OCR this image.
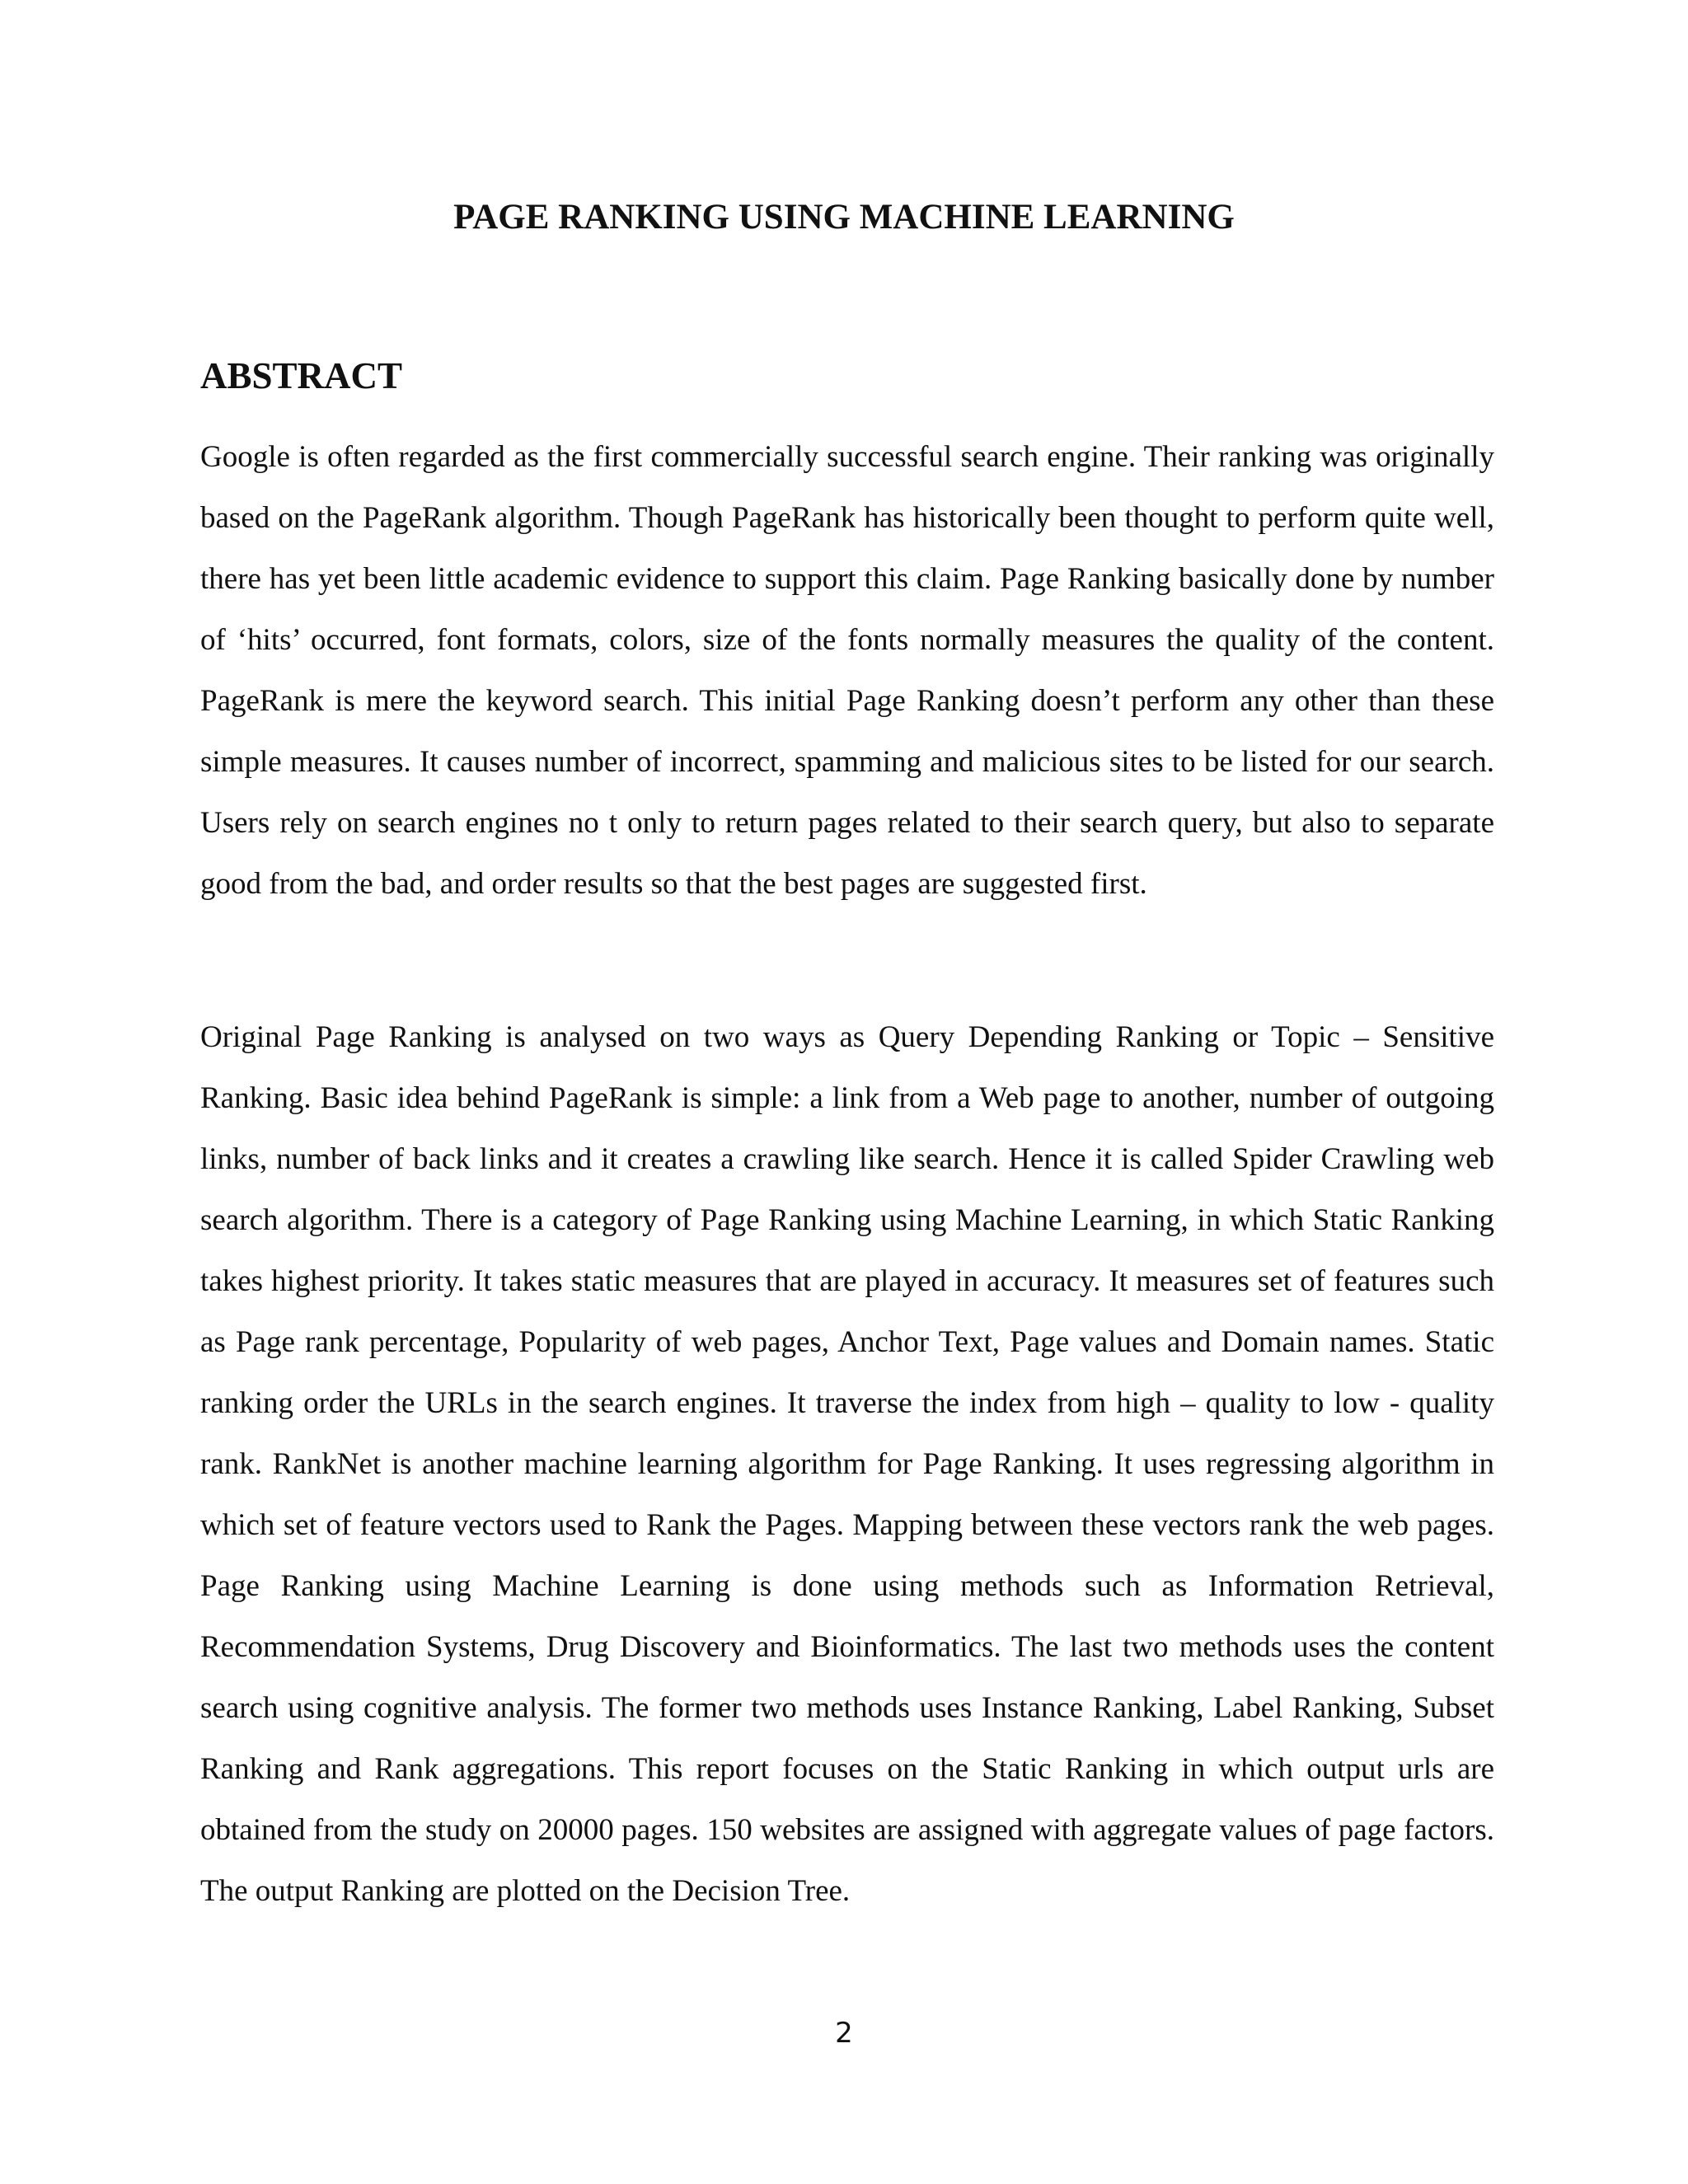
PAGE RANKING USING MACHINE LEARNING
ABSTRACT

Google is often regarded as the first commercially successful search engine. Their ranking was originally based on the PageRank algorithm. Though PageRank has historically been thought to perform quite well, there has yet been little academic evidence to support this claim. Page Ranking basically done by number of ‘hits’ occurred, font formats, colors, size of the fonts normally measures the quality of the content. PageRank is mere the keyword search. This initial Page Ranking doesn’t perform any other than these simple measures. It causes number of incorrect, spamming and malicious sites to be listed for our search. Users rely on search engines no t only to return pages related to their search query, but also to separate good from the bad, and order results so that the best pages are suggested first.

Original Page Ranking is analysed on two ways as Query Depending Ranking or Topic – Sensitive Ranking. Basic idea behind PageRank is simple: a link from a Web page to another, number of outgoing links, number of back links and it creates a crawling like search. Hence it is called Spider Crawling web search algorithm. There is a category of Page Ranking using Machine Learning, in which Static Ranking takes highest priority. It takes static measures that are played in accuracy. It measures set of features such as Page rank percentage, Popularity of web pages, Anchor Text, Page values and Domain names. Static ranking order the URLs in the search engines. It traverse the index from high – quality to low - quality rank. RankNet is another machine learning algorithm for Page Ranking. It uses regressing algorithm in which set of feature vectors used to Rank the Pages. Mapping between these vectors rank the web pages. Page Ranking using Machine Learning is done using methods such as Information Retrieval, Recommendation Systems, Drug Discovery and Bioinformatics. The last two methods uses the content search using cognitive analysis. The former two methods uses Instance Ranking, Label Ranking, Subset Ranking and Rank aggregations. This report focuses on the Static Ranking in which output urls are obtained from the study on 20000 pages. 150 websites are assigned with aggregate values of page factors. The output Ranking are plotted on the Decision Tree.

2
